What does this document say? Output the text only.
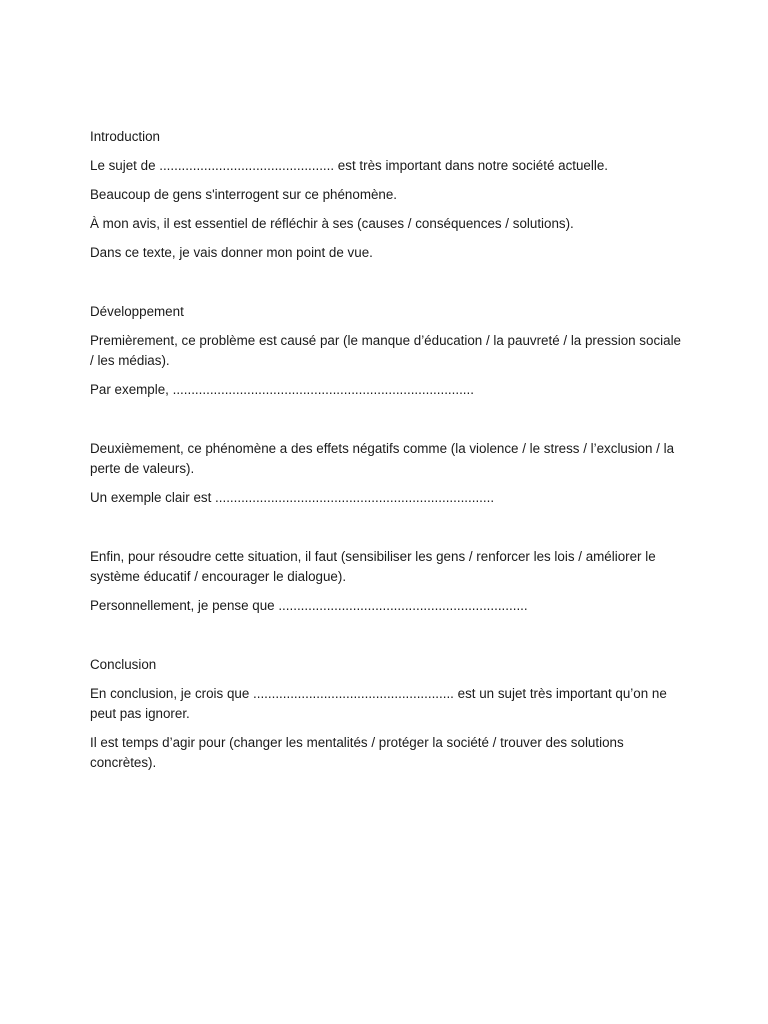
Introduction

Le sujet de ............................................... est très important dans notre société actuelle.

Beaucoup de gens s'interrogent sur ce phénomène.

À mon avis, il est essentiel de réfléchir à ses (causes / conséquences / solutions).

Dans ce texte, je vais donner mon point de vue.

Développement

Premièrement, ce problème est causé par (le manque d’éducation / la pauvreté / la pression sociale / les médias).

Par exemple, .................................................................................

Deuxièmement, ce phénomène a des effets négatifs comme (la violence / le stress / l’exclusion / la perte de valeurs).

Un exemple clair est ...........................................................................

Enfin, pour résoudre cette situation, il faut (sensibiliser les gens / renforcer les lois / améliorer le système éducatif / encourager le dialogue).

Personnellement, je pense que ...................................................................

Conclusion

En conclusion, je crois que ...................................................... est un sujet très important qu’on ne peut pas ignorer.

Il est temps d’agir pour (changer les mentalités / protéger la société / trouver des solutions concrètes).
